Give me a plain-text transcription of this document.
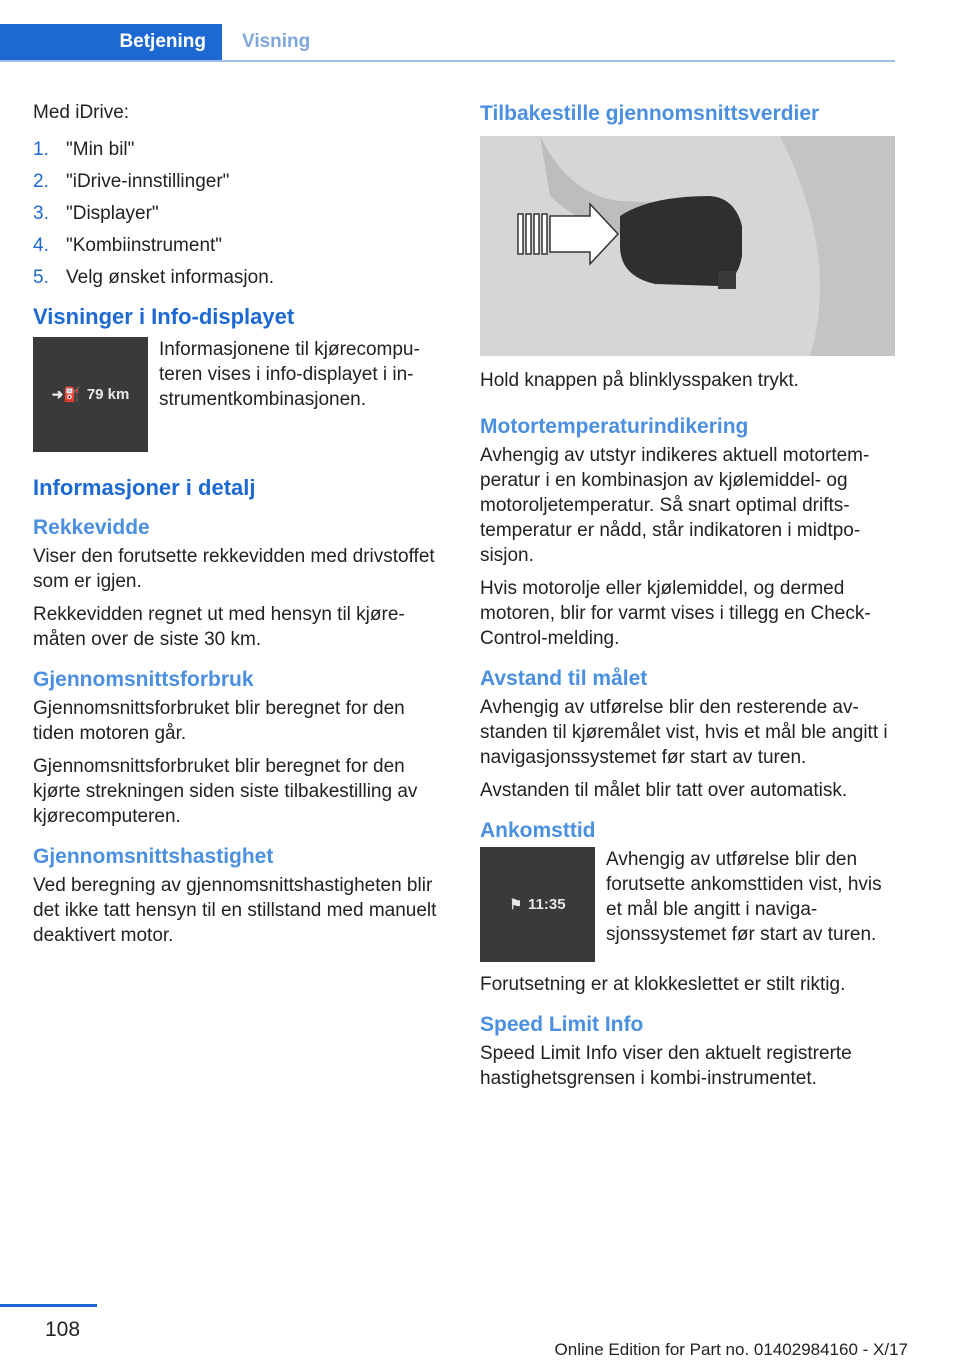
Betjening	Visning

Med iDrive:

1. "Min bil"
2. "iDrive-innstillinger"
3. "Displayer"
4. "Kombiinstrument"
5. Velg ønsket informasjon.
Visninger i Info-displayet
➜⛽ 79 km

Informasjonene til kjørecomputeren vises i info-displayet i instrumentkombinasjonen.

Informasjoner i detalj
Rekkevidde

Viser den forutsette rekkevidden med drivstoffet som er igjen.

Rekkevidden regnet ut med hensyn til kjøremåten over de siste 30 km.

Gjennomsnittsforbruk

Gjennomsnittsforbruket blir beregnet for den tiden motoren går.

Gjennomsnittsforbruket blir beregnet for den kjørte strekningen siden siste tilbakestilling av kjørecomputeren.

Gjennomsnittshastighet

Ved beregning av gjennomsnittshastigheten blir det ikke tatt hensyn til en stillstand med manuelt deaktivert motor.

Tilbakestille gjennomsnittsverdier

Hold knappen på blinklysspaken trykt.

Motortemperaturindikering

Avhengig av utstyr indikeres aktuell motortemperatur i en kombinasjon av kjølemiddel- og motoroljetemperatur. Så snart optimal driftstemperatur er nådd, står indikatoren i midtposisjon.

Hvis motorolje eller kjølemiddel, og dermed motoren, blir for varmt vises i tillegg en Check-Control-melding.

Avstand til målet

Avhengig av utførelse blir den resterende avstanden til kjøremålet vist, hvis et mål ble angitt i navigasjonssystemet før start av turen.

Avstanden til målet blir tatt over automatisk.

Ankomsttid
⚑ 11:35

Avhengig av utførelse blir den forutsette ankomsttiden vist, hvis et mål ble angitt i navigasjonssystemet før start av turen.

Forutsetning er at klokkeslettet er stilt riktig.

Speed Limit Info

Speed Limit Info viser den aktuelt registrerte hastighetsgrensen i kombi-instrumentet.

108
Online Edition for Part no. 01402984160 - X/17
